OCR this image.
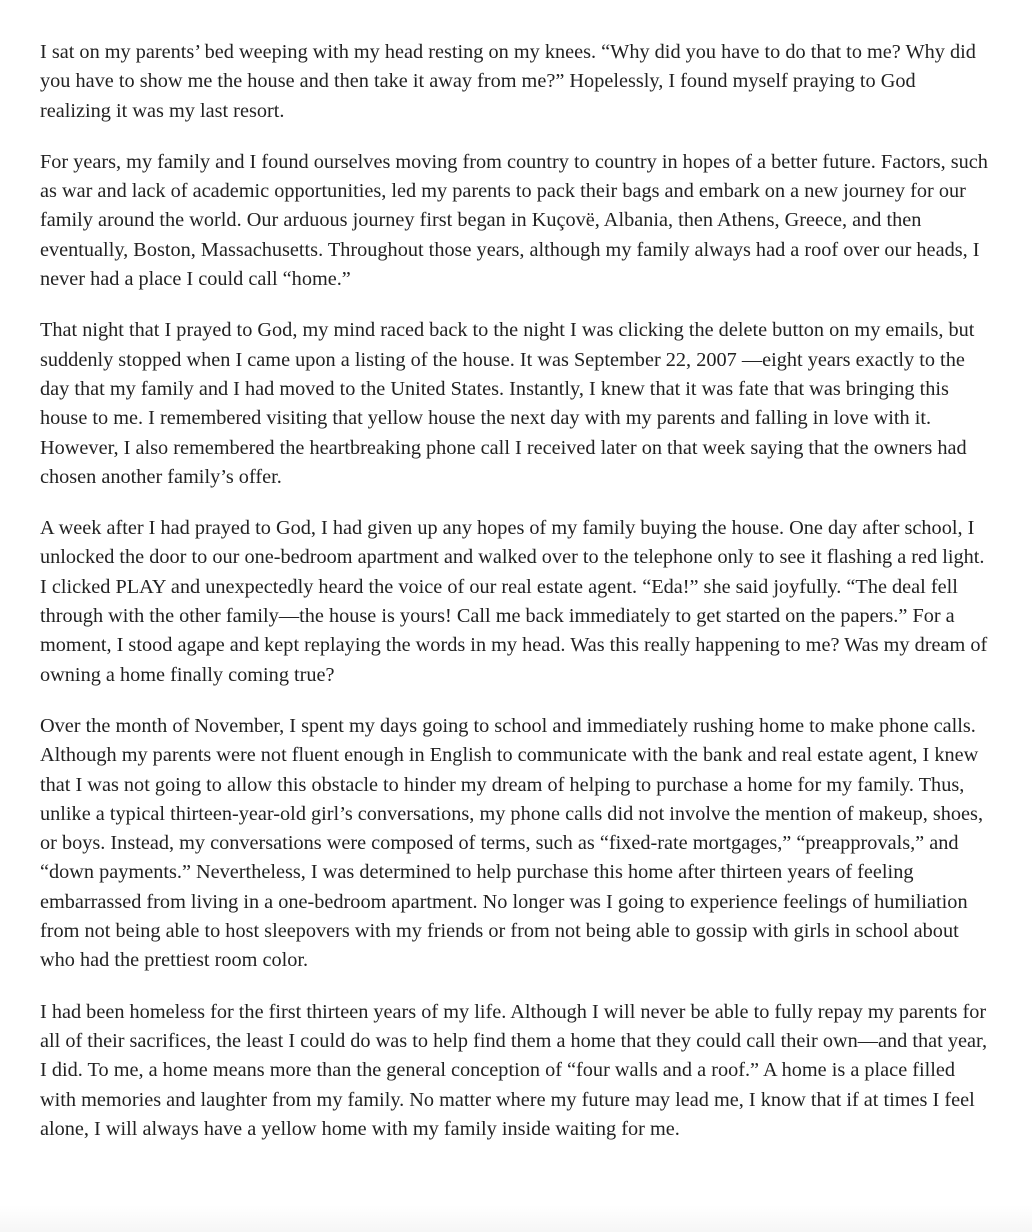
I sat on my parents’ bed weeping with my head resting on my knees. “Why did you have to do that to me? Why did you have to show me the house and then take it away from me?” Hopelessly, I found myself praying to God realizing it was my last resort.

For years, my family and I found ourselves moving from country to country in hopes of a better future. Factors, such as war and lack of academic opportunities, led my parents to pack their bags and embark on a new journey for our family around the world. Our arduous journey first began in Kuçovë, Albania, then Athens, Greece, and then eventually, Boston, Massachusetts. Throughout those years, although my family always had a roof over our heads, I never had a place I could call “home.”

That night that I prayed to God, my mind raced back to the night I was clicking the delete button on my emails, but suddenly stopped when I came upon a listing of the house. It was September 22, 2007 —eight years exactly to the day that my family and I had moved to the United States. Instantly, I knew that it was fate that was bringing this house to me. I remembered visiting that yellow house the next day with my parents and falling in love with it. However, I also remembered the heartbreaking phone call I received later on that week saying that the owners had chosen another family’s offer.

A week after I had prayed to God, I had given up any hopes of my family buying the house. One day after school, I unlocked the door to our one-bedroom apartment and walked over to the telephone only to see it flashing a red light. I clicked PLAY and unexpectedly heard the voice of our real estate agent. “Eda!” she said joyfully. “The deal fell through with the other family—the house is yours! Call me back immediately to get started on the papers.” For a moment, I stood agape and kept replaying the words in my head. Was this really happening to me? Was my dream of owning a home finally coming true?

Over the month of November, I spent my days going to school and immediately rushing home to make phone calls. Although my parents were not fluent enough in English to communicate with the bank and real estate agent, I knew that I was not going to allow this obstacle to hinder my dream of helping to purchase a home for my family. Thus, unlike a typical thirteen-year-old girl’s conversations, my phone calls did not involve the mention of makeup, shoes, or boys. Instead, my conversations were composed of terms, such as “fixed-rate mortgages,” “preapprovals,” and “down payments.” Nevertheless, I was determined to help purchase this home after thirteen years of feeling embarrassed from living in a one-bedroom apartment. No longer was I going to experience feelings of humiliation from not being able to host sleepovers with my friends or from not being able to gossip with girls in school about who had the prettiest room color.

I had been homeless for the first thirteen years of my life. Although I will never be able to fully repay my parents for all of their sacrifices, the least I could do was to help find them a home that they could call their own—and that year, I did. To me, a home means more than the general conception of “four walls and a roof.” A home is a place filled with memories and laughter from my family. No matter where my future may lead me, I know that if at times I feel alone, I will always have a yellow home with my family inside waiting for me.
